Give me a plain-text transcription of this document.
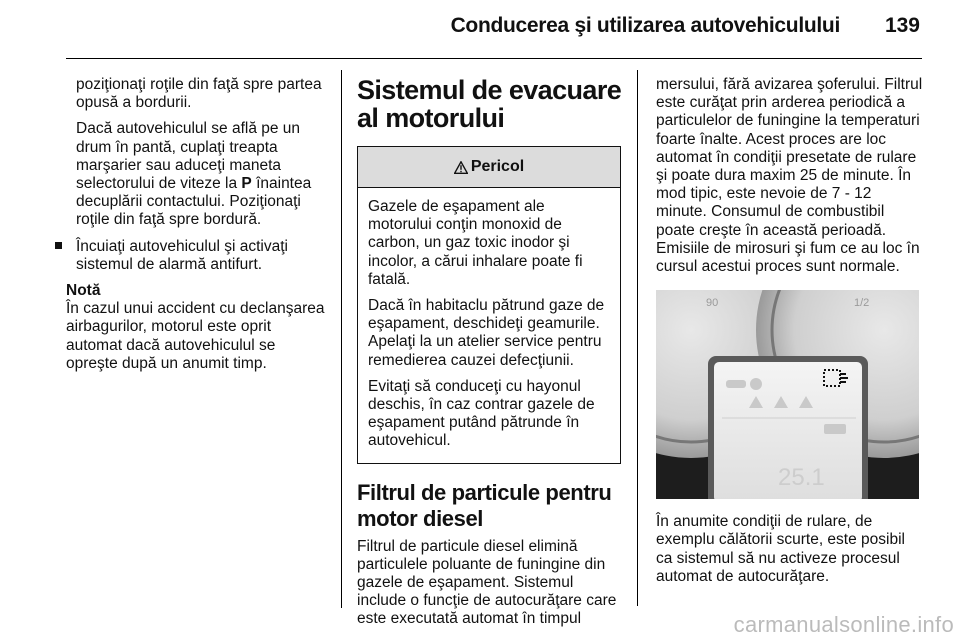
Conducerea şi utilizarea autovehiculului 139

poziţionaţi roţile din faţă spre partea opusă a bordurii.

Dacă autovehiculul se află pe un drum în pantă, cuplaţi treapta marşarier sau aduceţi maneta selectorului de viteze la P înaintea decuplării contactului. Poziţionaţi roţile din faţă spre bordură.

Încuiaţi autovehiculul şi activaţi sistemul de alarmă antifurt.

Notă

În cazul unui accident cu declanşarea airbagurilor, motorul este oprit automat dacă autovehiculul se opreşte după un anumit timp.

Sistemul de evacuare al motorului
Pericol

Gazele de eşapament ale motorului conţin monoxid de carbon, un gaz toxic inodor şi incolor, a cărui inhalare poate fi fatală.

Dacă în habitaclu pătrund gaze de eşapament, deschideţi geamurile. Apelaţi la un atelier service pentru remedierea cauzei defecţiunii.

Evitaţi să conduceţi cu hayonul deschis, în caz contrar gazele de eşapament putând pătrunde în autovehicul.

Filtrul de particule pentru motor diesel

Filtrul de particule diesel elimină particulele poluante de funingine din gazele de eşapament. Sistemul include o funcţie de autocurăţare care este executată automat în timpul

mersului, fără avizarea şoferului. Filtrul este curăţat prin arderea periodică a particulelor de funingine la temperaturi foarte înalte. Acest proces are loc automat în condiţii presetate de rulare şi poate dura maxim 25 de minute. În mod tipic, este nevoie de 7 - 12 minute. Consumul de combustibil poate creşte în această perioadă. Emisiile de mirosuri şi fum ce au loc în cursul acestui proces sunt normale.

90	1/2
25.1

În anumite condiţii de rulare, de exemplu călătorii scurte, este posibil ca sistemul să nu activeze procesul automat de autocurăţare.

carmanualsonline.info
